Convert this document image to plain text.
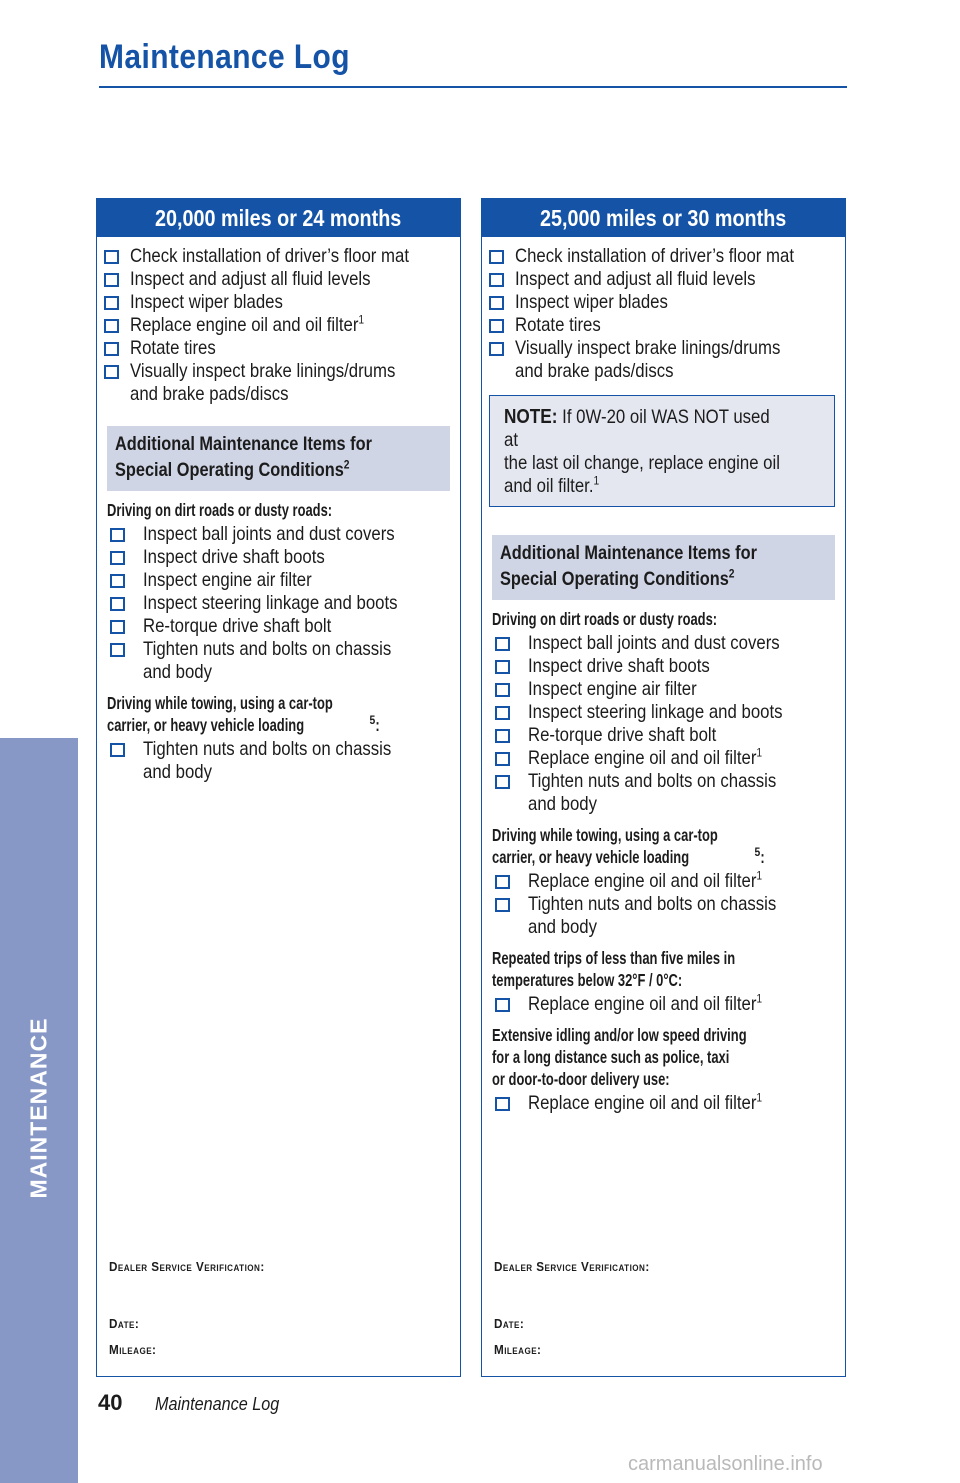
Maintenance Log
MAINTENANCE
20,000 miles or 24 months
Check installation of driver’s floor mat
Inspect and adjust all fluid levels
Inspect wiper blades
Replace engine oil and oil filter$^1$
Rotate tires
Visually inspect brake linings/drums
and brake pads/discs
Additional Maintenance Items for
Special Operating Conditions$^2$
Driving on dirt roads or dusty roads:
Inspect ball joints and dust covers
Inspect drive shaft boots
Inspect engine air filter
Inspect steering linkage and boots
Re-torque drive shaft bolt
Tighten nuts and bolts on chassis
and body
Driving while towing, using a car-top
carrier, or heavy vehicle loading	$^5$:
Tighten nuts and bolts on chassis
and body
Dealer Service Verification:
Date:
Mileage:
25,000 miles or 30 months
Check installation of driver’s floor mat
Inspect and adjust all fluid levels
Inspect wiper blades
Rotate tires
Visually inspect brake linings/drums
and brake pads/discs
NOTE: If 0W-20 oil WAS NOT used at
the last oil change, replace engine oil
and oil filter.$^1$
Additional Maintenance Items for
Special Operating Conditions$^2$
Driving on dirt roads or dusty roads:
Inspect ball joints and dust covers
Inspect drive shaft boots
Inspect engine air filter
Inspect steering linkage and boots
Re-torque drive shaft bolt
Replace engine oil and oil filter$^1$
Tighten nuts and bolts on chassis
and body
Driving while towing, using a car-top
carrier, or heavy vehicle loading	$^5$:
Replace engine oil and oil filter$^1$
Tighten nuts and bolts on chassis
and body
Repeated trips of less than five miles in
temperatures below 32°F / 0°C:
Replace engine oil and oil filter$^1$
Extensive idling and/or low speed driving
for a long distance such as police, taxi
or door-to-door delivery use:
Replace engine oil and oil filter$^1$
Dealer Service Verification:
Date:
Mileage:
40 Maintenance Log
carmanualsonline.info
